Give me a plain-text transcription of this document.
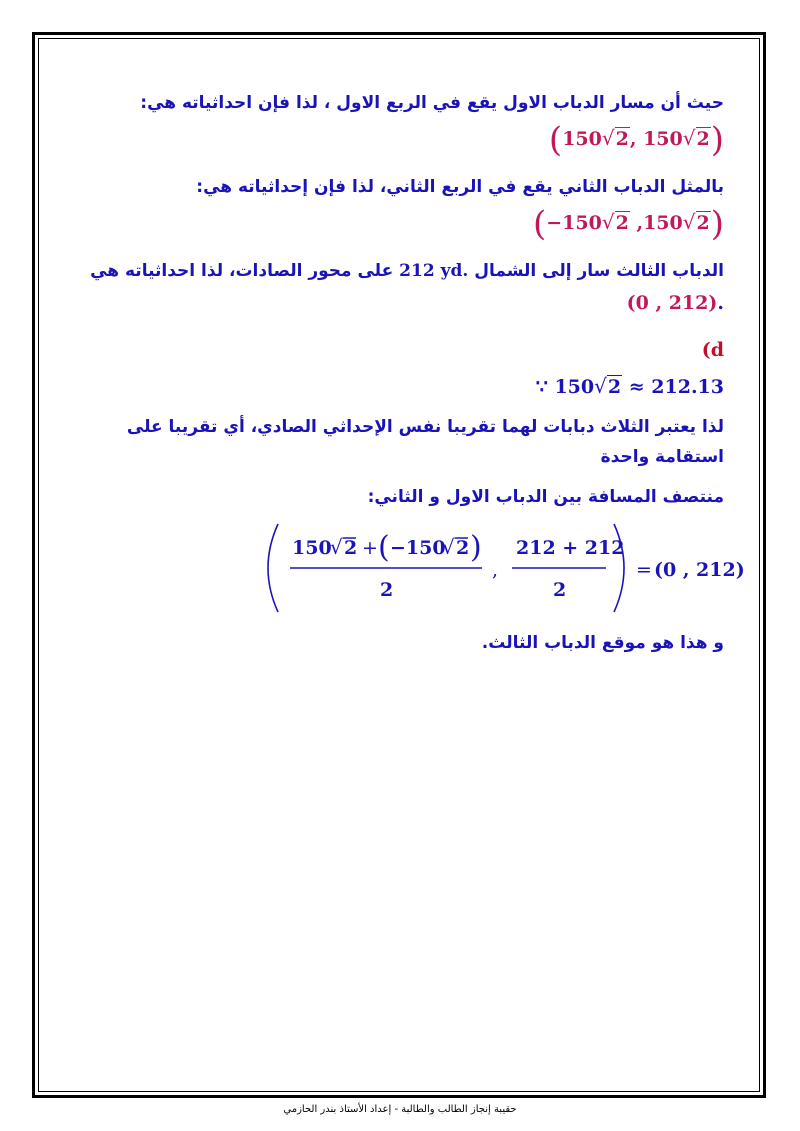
حيث أن مسار الدباب الاول يقع في الربع الاول ، لذا فإن احداثياته هي:
(150√2, 150√2)
بالمثل الدباب الثاني يقع في الربع الثاني، لذا فإن إحداثياته هي:
(−150√2 ,150√2)
الدباب الثالث سار إلى الشمال 212 yd. على محور الصادات، لذا احداثياته هي
(0 , 212).
(d
∵ 150√2 ≈ 212.13
لذا يعتبر الثلاث دبابات لهما تقريبا نفس الإحداثي الصادي، أي تقريبا على استقامة واحدة
منتصف المسافة بين الدباب الاول و الثاني:
150
√ 2 + ( −150
√ 2 )
2
,
212 + 212
2
= (0 , 212)
و هذا هو موقع الدباب الثالث.
حقيبة إنجاز الطالب والطالبة - إعداد الأستاذ بندر الحازمي
